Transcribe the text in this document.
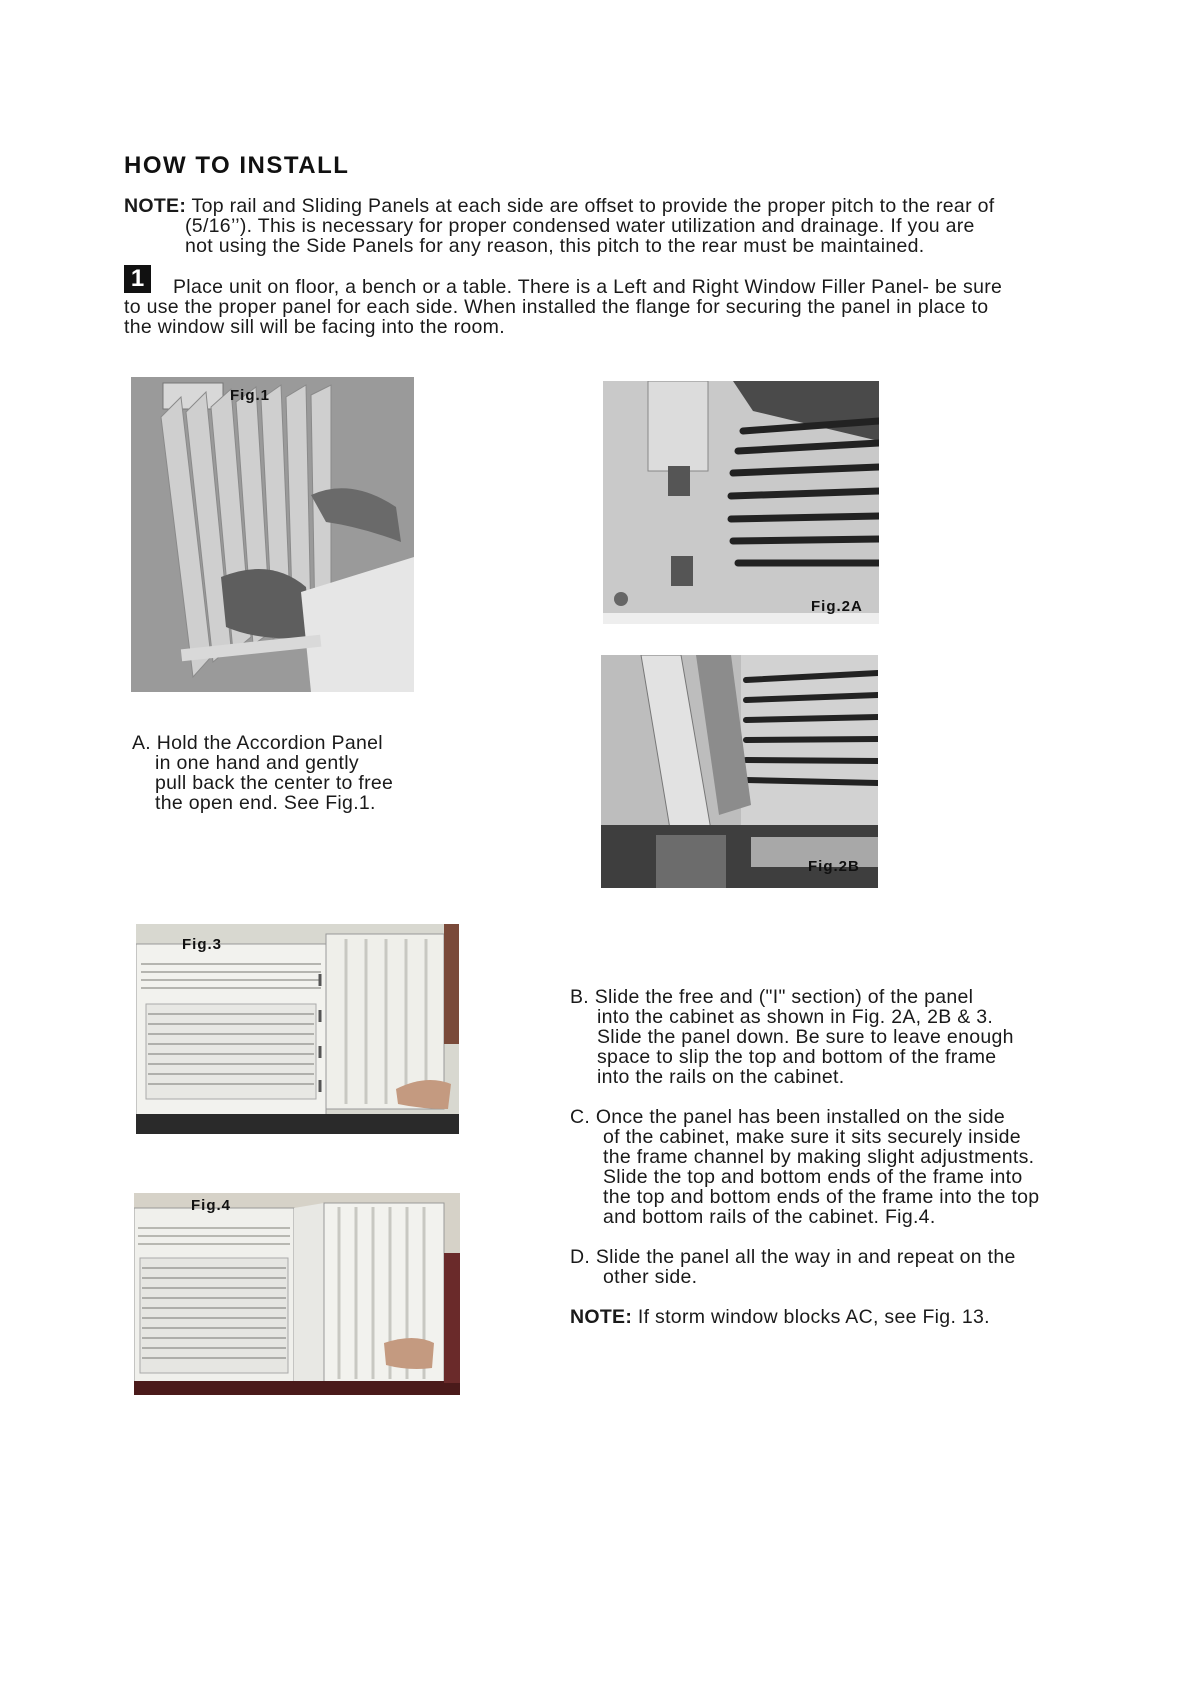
HOW TO INSTALL
NOTE: Top rail and Sliding Panels at each side are offset to provide the proper pitch to the rear of
(5/16’’). This is necessary for proper condensed water utilization and drainage. If you are
not using the Side Panels for any reason, this pitch to the rear must be maintained.
1	Place unit on floor, a bench or a table. There is a Left and Right Window Filler Panel- be sure
to use the proper panel for each side. When installed the flange for securing the panel in place to
the window sill will be facing into the room.
Fig.1
Fig.2A
Fig.2B
A. Hold the Accordion Panel
in one hand and gently
pull back the center to free
the open end. See Fig.1.
Fig.3
Fig.4
B. Slide the free and ("I" section) of the panel
into the cabinet as shown in Fig. 2A, 2B & 3.
Slide the panel down. Be sure to leave enough
space to slip the top and bottom of the frame
into the rails on the cabinet.
C. Once the panel has been installed on the side
of the cabinet, make sure it sits securely inside
the frame channel by making slight adjustments.
Slide the top and bottom ends of the frame into
the top and bottom ends of the frame into the top
and bottom rails of the cabinet. Fig.4.
D. Slide the panel all the way in and repeat on the
other side.
NOTE: If storm window blocks AC, see Fig. 13.
